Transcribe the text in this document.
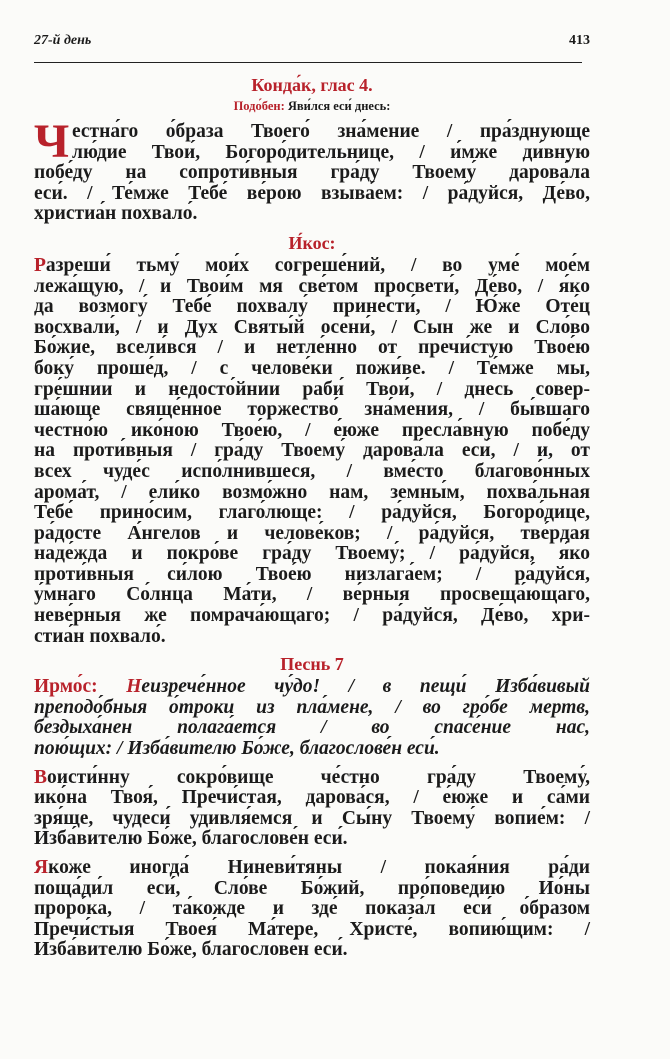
27-й день	413
Конда́к, глас 4.
Подо́бен: Яви́лся еси́ днесь:
Ч естна́го о́браза Твоего́ зна́мение / пра́зднующе
лю́дие Твои́, Богоро́дительнице, / и́мже ди́вную
побе́ду на сопроти́вныя гра́ду Твоему́ дарова́ла
еси́. / Те́мже Тебе́ ве́рою взыва́ем: / ра́дуйся, Де́во,
христиа́н похвало́.
И́кос:
Разреши́ тьму́ мои́х согреше́ний, / во уме́ мое́м
лежа́щую, / и Твои́м мя све́том просвети́, Де́во, / я́ко
да возмогу́ Тебе́ похвалу́ принести́, / Ю́же Оте́ц
восхвали́, / и Дух Святы́й осени́, / Сын же и Сло́во
Бо́жие, всели́вся / и нетле́нно от пречи́стую Твое́ю
боку́ проше́д, / с челове́ки пожи́ве. / Те́мже мы,
гре́шнии и недосто́йнии раби́ Твои́, / днесь совер-
ша́юще свяще́нное торжество́ зна́мения, / бы́вшаго
честно́ю ико́ною Твое́ю, / е́юже пресла́вную побе́ду
на проти́вныя / гра́ду Твоему́ дарова́ла еси́, / и, от
всех чуде́с испо́лнившеся, / вме́сто благово́нных
арома́т, / ели́ко возмо́жно нам, земны́м, похва́льная
Тебе́ прино́сим, глаго́люще: / ра́дуйся, Богоро́дице,
ра́досте А́нгелов и челове́ков; / ра́дуйся, тве́рдая
наде́жда и покро́ве гра́ду Твоему́; / ра́дуйся, я́ко
проти́вныя си́лою Твое́ю низлага́ем; / ра́дуйся,
у́мнаго Со́лнца Ма́ти, / ве́рныя просвеща́ющаго,
неве́рныя же помрача́ющаго; / ра́дуйся, Де́во, хри-
стиа́н похвало́.
Песнь 7
Ирмо́с: Неизрече́нное чу́до! / в пещи́ Изба́вивый
преподо́бныя о́троки из пла́мене, / во гро́бе мертв,
бездыха́нен полага́ется / во спасе́ние нас,
пою́щих: / Изба́вителю Бо́же, благослове́н еси́.
Воисти́нну сокро́вище че́стно гра́ду Твоему́,
ико́на Твоя́, Пречи́стая, дарова́ся, / е́юже и са́ми
зря́ще, чудеси́ удивля́емся и Сы́ну Твоему́ вопие́м: /
Изба́вителю Бо́же, благослове́н еси́.
Якоже иногда́ Ниневи́тяны / покая́ния ра́ди
поща́ди́л еси́, Сло́ве Бо́жий, про́поведию Ио́ны
проро́ка, / та́кожде и зде́ показа́л еси́ о́бразом
Пречи́стыя Твоея́ Ма́тере, Христе́, вопию́щим: /
Изба́вителю Бо́же, благослове́н еси́.
